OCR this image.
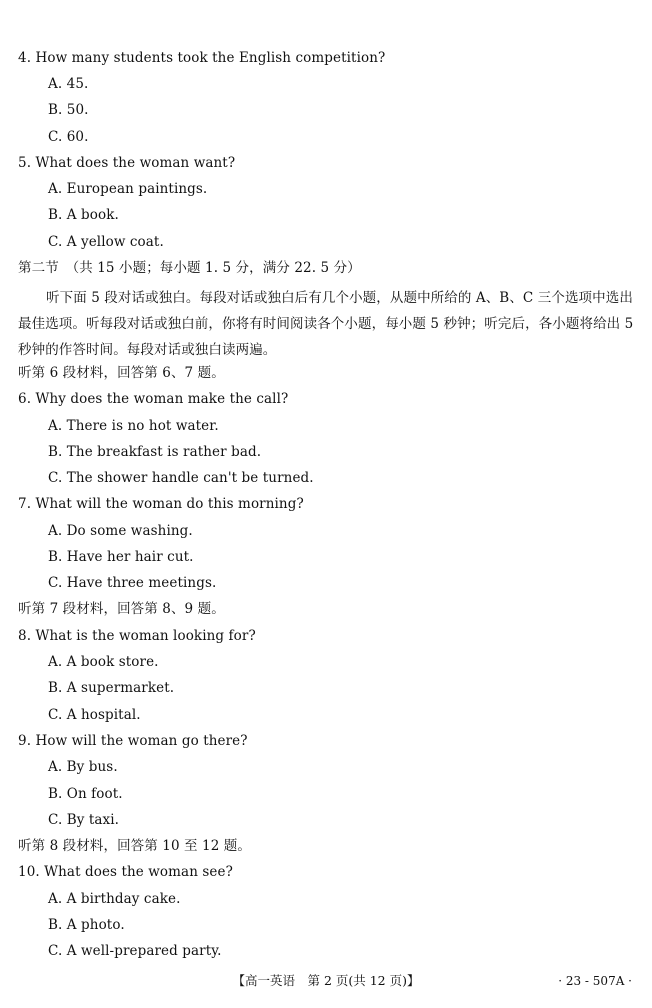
4. How many students took the English competition?
A. 45.
B. 50.
C. 60.
5. What does the woman want?
A. European paintings.
B. A book.
C. A yellow coat.
第二节　（共 15 小题；每小题 1. 5 分，满分 22. 5 分）
听下面 5 段对话或独白。每段对话或独白后有几个小题，从题中所给的 A、B、C 三个选项中选出最佳选项。听每段对话或独白前，你将有时间阅读各个小题，每小题 5 秒钟；听完后，各小题将给出 5 秒钟的作答时间。每段对话或独白读两遍。
听第 6 段材料，回答第 6、7 题。
6. Why does the woman make the call?
A. There is no hot water.
B. The breakfast is rather bad.
C. The shower handle can't be turned.
7. What will the woman do this morning?
A. Do some washing.
B. Have her hair cut.
C. Have three meetings.
听第 7 段材料，回答第 8、9 题。
8. What is the woman looking for?
A. A book store.
B. A supermarket.
C. A hospital.
9. How will the woman go there?
A. By bus.
B. On foot.
C. By taxi.
听第 8 段材料，回答第 10 至 12 题。
10. What does the woman see?
A. A birthday cake.
B. A photo.
C. A well-prepared party.
【高一英语　第 2 页(共 12 页)】	· 23 - 507A ·
